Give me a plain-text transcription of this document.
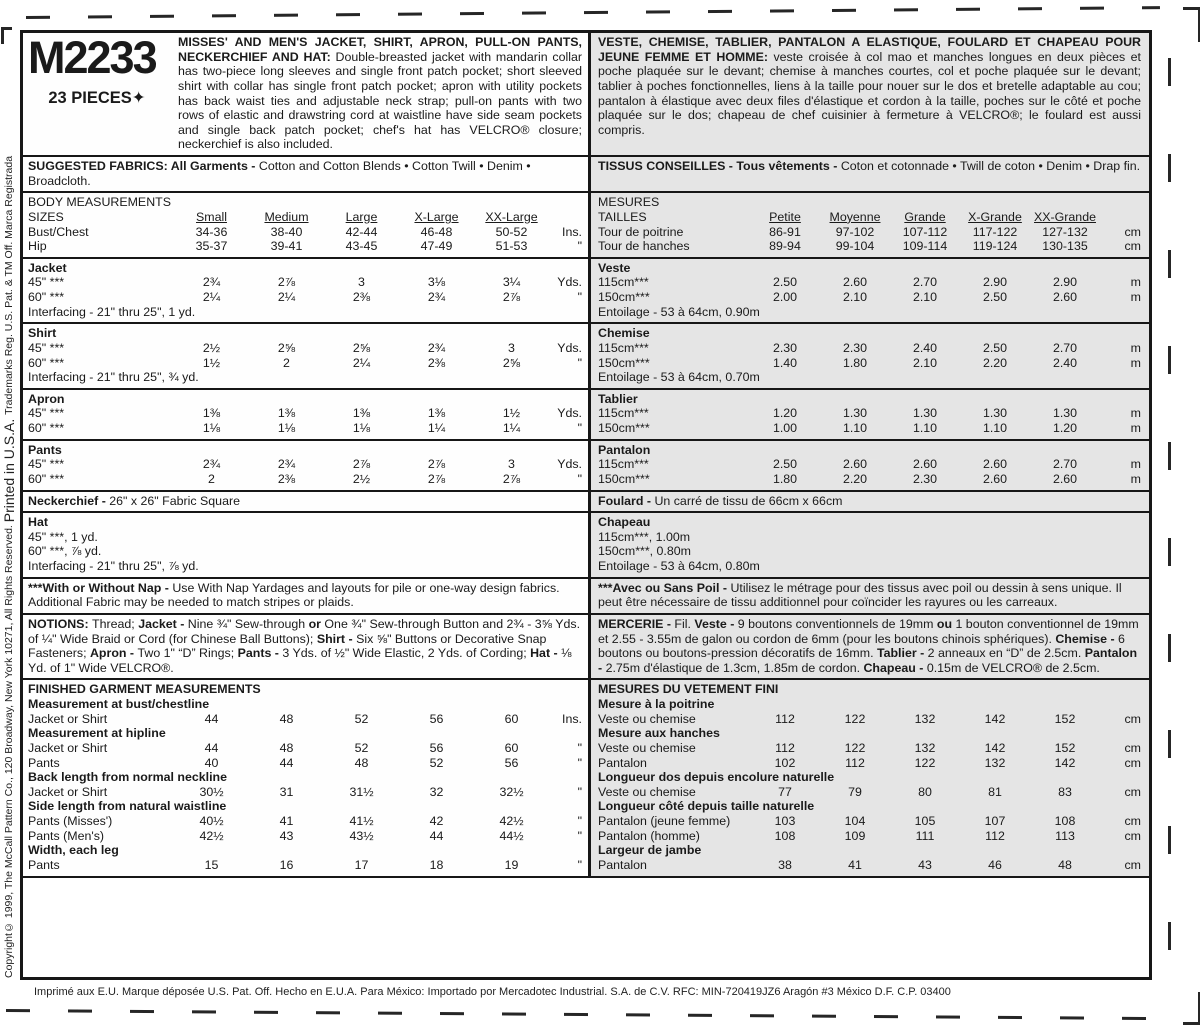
Copyright© 1999, The McCall Pattern Co., 120 Broadway, New York 10271, All Rights Reserved. Printed in U.S.A. Trademarks Reg. U.S. Pat. & TM Off. Marca Registrada
M2233
23 PIECES✦
MISSES' AND MEN'S JACKET, SHIRT, APRON, PULL-ON PANTS, NECKERCHIEF AND HAT: Double-breasted jacket with mandarin collar has two-piece long sleeves and single front patch pocket; short sleeved shirt with collar has single front patch pocket; apron with utility pockets has back waist ties and adjustable neck strap; pull-on pants with two rows of elastic and drawstring cord at waistline have side seam pockets and single back patch pocket; chef's hat has VELCRO® closure; neckerchief is also included.
VESTE, CHEMISE, TABLIER, PANTALON A ELASTIQUE, FOULARD ET CHAPEAU POUR JEUNE FEMME ET HOMME: veste croisée à col mao et manches longues en deux pièces et poche plaquée sur le devant; chemise à manches courtes, col et poche plaquée sur le devant; tablier à poches fonctionnelles, liens à la taille pour nouer sur le dos et bretelle adaptable au cou; pantalon à élastique avec deux files d'élastique et cordon à la taille, poches sur le côté et poche plaquée sur le dos; chapeau de chef cuisinier à fermeture à VELCRO®; le foulard est aussi compris.
SUGGESTED FABRICS: All Garments - Cotton and Cotton Blends • Cotton Twill • Denim • Broadcloth.
TISSUS CONSEILLES - Tous vêtements - Coton et cotonnade • Twill de coton • Denim • Drap fin.
BODY MEASUREMENTS						
SIZES	Small	Medium	Large	X-Large	XX-Large	
Bust/Chest	34-36	38-40	42-44	46-48	50-52	Ins.
Hip	35-37	39-41	43-45	47-49	51-53	"
MESURES						
TAILLES	Petite	Moyenne	Grande	X-Grande	XX-Grande	
Tour de poitrine	86-91	97-102	107-112	117-122	127-132	cm
Tour de hanches	89-94	99-104	109-114	119-124	130-135	cm
Jacket						
45" ***	2¾	2⅞	3	3⅛	3¼	Yds.
60" ***	2¼	2¼	2⅜	2¾	2⅞	"
Interfacing - 21" thru 25", 1 yd.						
Veste						
115cm***	2.50	2.60	2.70	2.90	2.90	m
150cm***	2.00	2.10	2.10	2.50	2.60	m
Entoilage - 53 à 64cm, 0.90m						
Shirt						
45" ***	2½	2⅝	2⅝	2¾	3	Yds.
60" ***	1½	2	2¼	2⅜	2⅝	"
Interfacing - 21" thru 25", ¾ yd.						
Chemise						
115cm***	2.30	2.30	2.40	2.50	2.70	m
150cm***	1.40	1.80	2.10	2.20	2.40	m
Entoilage - 53 à 64cm, 0.70m						
Apron						
45" ***	1⅜	1⅜	1⅜	1⅜	1½	Yds.
60" ***	1⅛	1⅛	1⅛	1¼	1¼	"
Tablier						
115cm***	1.20	1.30	1.30	1.30	1.30	m
150cm***	1.00	1.10	1.10	1.10	1.20	m
Pants						
45" ***	2¾	2¾	2⅞	2⅞	3	Yds.
60" ***	2	2⅜	2½	2⅞	2⅞	"
Pantalon						
115cm***	2.50	2.60	2.60	2.60	2.70	m
150cm***	1.80	2.20	2.30	2.60	2.60	m
Neckerchief - 26" x 26" Fabric Square	Foulard - Un carré de tissu de 66cm x 66cm
Hat
45" ***, 1 yd.
60" ***, ⅞ yd.
Interfacing - 21" thru 25", ⅞ yd.
Chapeau
115cm***, 1.00m
150cm***, 0.80m
Entoilage - 53 à 64cm, 0.80m
***With or Without Nap - Use With Nap Yardages and layouts for pile or one-way design fabrics. Additional Fabric may be needed to match stripes or plaids.
***Avec ou Sans Poil - Utilisez le métrage pour des tissus avec poil ou dessin à sens unique. Il peut être nécessaire de tissu additionnel pour coïncider les rayures ou les carreaux.
NOTIONS: Thread; Jacket - Nine ¾" Sew-through or One ¾" Sew-through Button and 2¾ - 3⅝ Yds. of ¼" Wide Braid or Cord (for Chinese Ball Buttons); Shirt - Six ⅝" Buttons or Decorative Snap Fasteners; Apron - Two 1" “D” Rings; Pants - 3 Yds. of ½" Wide Elastic, 2 Yds. of Cording; Hat - ⅛ Yd. of 1" Wide VELCRO®.
MERCERIE - Fil. Veste - 9 boutons conventionnels de 19mm ou 1 bouton conventionnel de 19mm et 2.55 - 3.55m de galon ou cordon de 6mm (pour les boutons chinois sphériques). Chemise - 6 boutons ou boutons-pression décoratifs de 16mm. Tablier - 2 anneaux en “D” de 2.5cm. Pantalon - 2.75m d'élastique de 1.3cm, 1.85m de cordon. Chapeau - 0.15m de VELCRO® de 2.5cm.
FINISHED GARMENT MEASUREMENTS						
Measurement at bust/chestline						
Jacket or Shirt	44	48	52	56	60	Ins.
Measurement at hipline						
Jacket or Shirt	44	48	52	56	60	"
Pants	40	44	48	52	56	"
Back length from normal neckline						
Jacket or Shirt	30½	31	31½	32	32½	"
Side length from natural waistline						
Pants (Misses')	40½	41	41½	42	42½	"
Pants (Men's)	42½	43	43½	44	44½	"
Width, each leg						
Pants	15	16	17	18	19	"
MESURES DU VETEMENT FINI						
Mesure à la poitrine						
Veste ou chemise	112	122	132	142	152	cm
Mesure aux hanches						
Veste ou chemise	112	122	132	142	152	cm
Pantalon	102	112	122	132	142	cm
Longueur dos depuis encolure naturelle						
Veste ou chemise	77	79	80	81	83	cm
Longueur côté depuis taille naturelle						
Pantalon (jeune femme)	103	104	105	107	108	cm
Pantalon (homme)	108	109	111	112	113	cm
Largeur de jambe						
Pantalon	38	41	43	46	48	cm
Imprimé aux E.U. Marque déposée U.S. Pat. Off. Hecho en E.U.A. Para México: Importado por Mercadotec Industrial. S.A. de C.V. RFC: MIN-720419JZ6 Aragón #3 México D.F. C.P. 03400
